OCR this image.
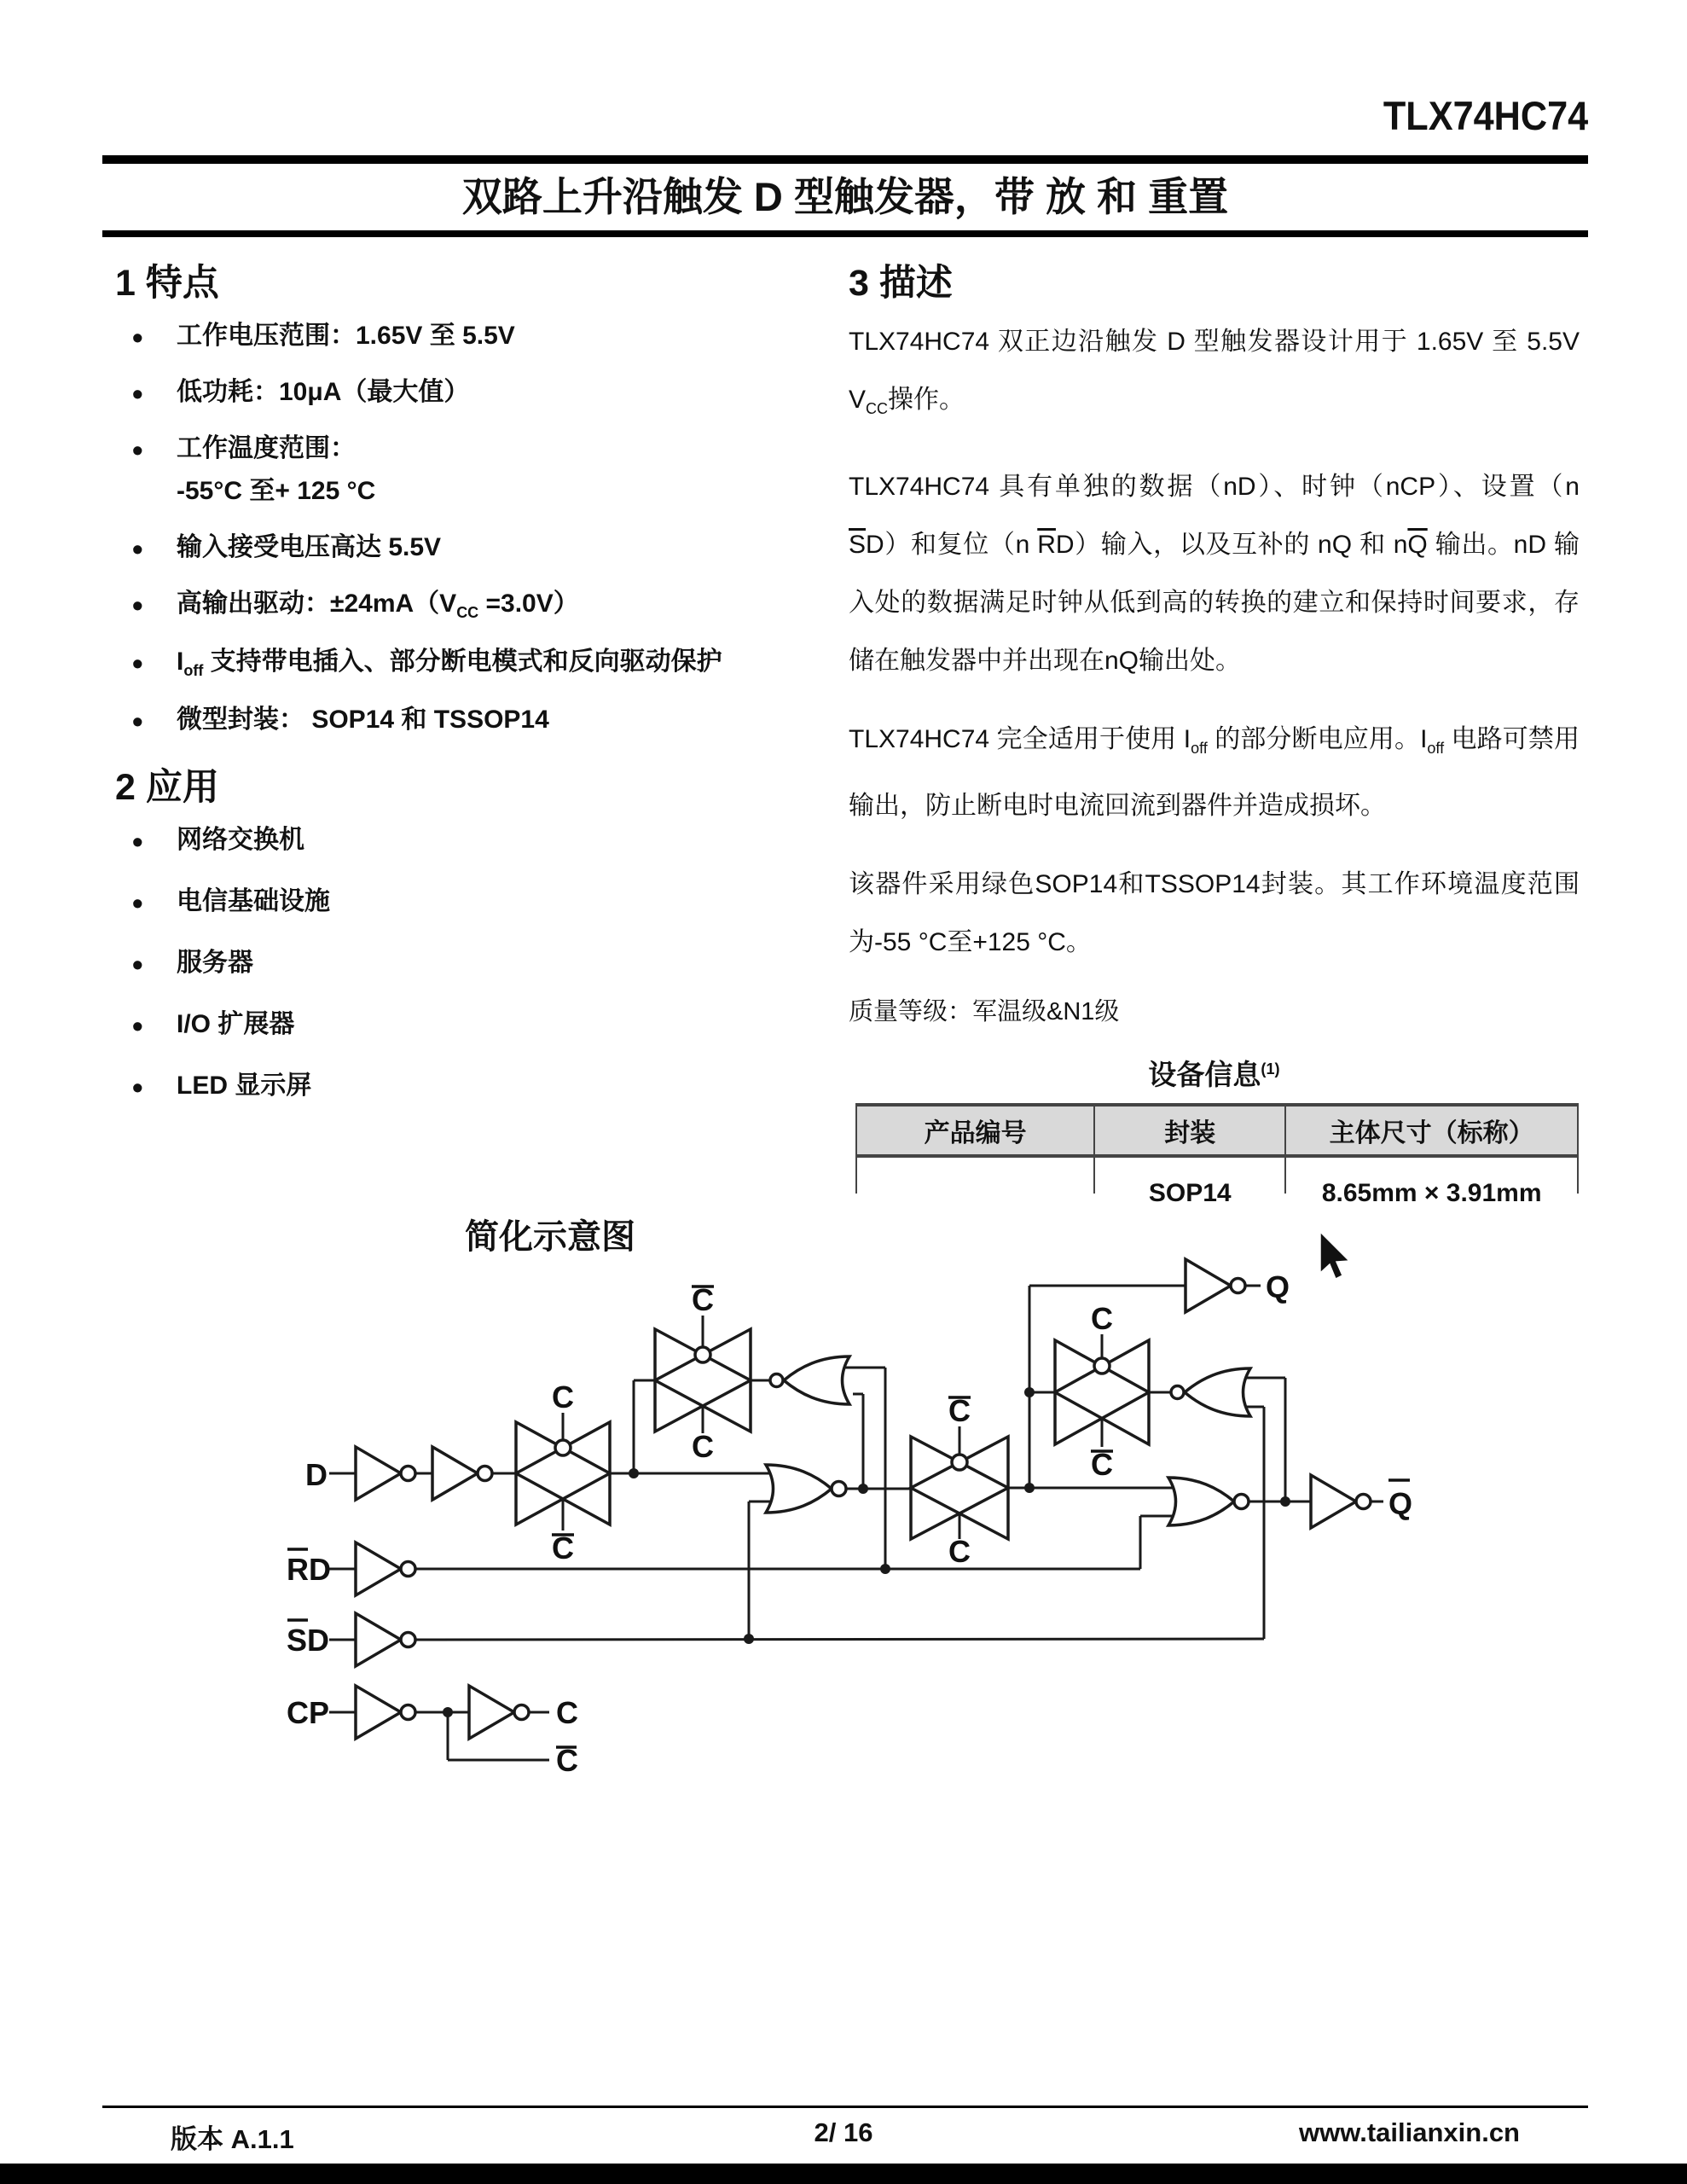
TLX74HC74
双路上升沿触发 D 型触发器，带 放 和 重置
1 特点
• 工作电压范围：1.65V 至 5.5V
• 低功耗：10μA（最大值）
• 工作温度范围：
-55°C 至+ 125 °C
• 输入接受电压高达 5.5V
• 高输出驱动：$\pm 24mA(V_{CC} =3.0V)$
• $I_{off}$ 支持带电插入、部分断电模式和反向驱动保护
• 微型封装： SOP14 和 TSSOP14
2 应用
• 网络交换机
• 电信基础设施
• 服务器
• I/O 扩展器
• LED 显示屏
3 描述

TLX74HC74 双正边沿触发 D 型触发器设计用于 1.65V 至 5.5V $V_{CC}$操作。

TLX74HC74 具有单独的数据（nD）、时钟（nCP）、设置（n $\overline{S}D$）和复位（n $\overline{R}D$）输入，以及互补的 nQ 和 $n\overline{Q}$ 输出。nD 输入处的数据满足时钟从低到高的转换的建立和保持时间要求，存储在触发器中并出现在nQ输出处。

TLX74HC74 完全适用于使用 $I_{off}$ 的部分断电应用。$I_{off}$ 电路可禁用输出，防止断电时电流回流到器件并造成损坏。

该器件采用绿色SOP14和TSSOP14封装。其工作环境温度范围为-55 °C至+125 °C。

质量等级：军温级&N1级

设备信息$^{(1)}$
产品编号	封装	主体尺寸（标称）

	SOP14	8.65mm × 3.91mm
简化示意图
D
RD
SD
CP
Q
Q
C
C
C
C
C
C
C
C
C
C
版本 A.1.1	2/ 16	www.tailianxin.cn
